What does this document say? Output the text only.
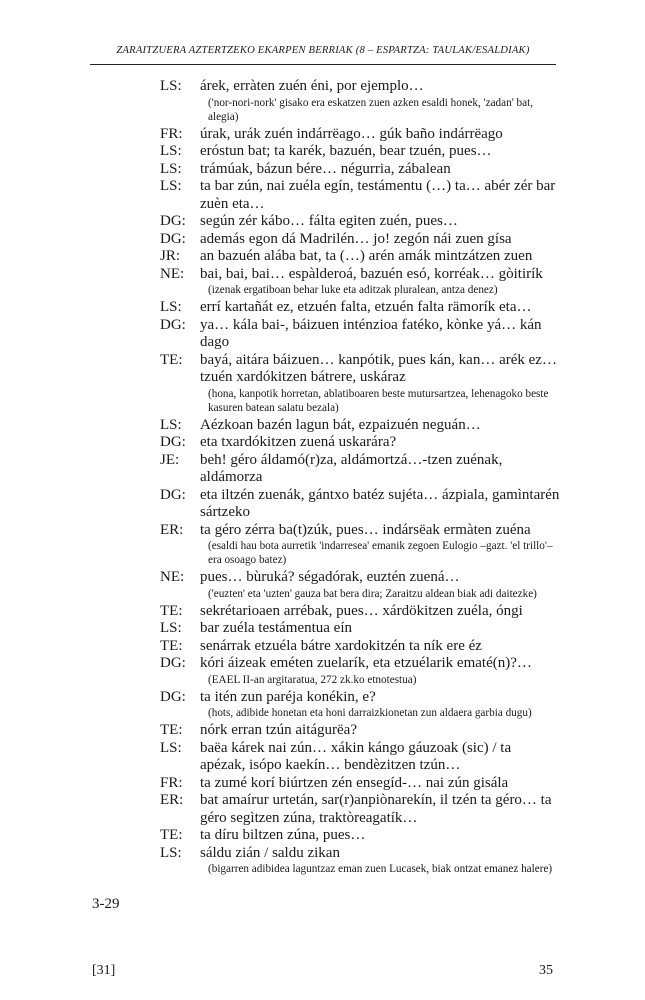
ZARAITZUERA AZTERTZEKO EKARPEN BERRIAK (8 – ESPARTZA: TAULAK/ESALDIAK)
LS:	árek, erràten zuén éni, por ejemplo…
('nor-nori-nork' gisako era eskatzen zuen azken esaldi honek, 'zadan' bat, alegia)
FR:	úrak, urák zuén indárrëago… gúk baño indárrëago
LS:	eróstun bat; ta karék, bazuén, bear tzuén, pues…
LS:	trámúak, bázun bére… négurria, zábalean
LS:	ta bar zún, nai zuéla egín, testámentu (…) ta… abér zér bar zuèn eta…
DG: según zér kábo… fálta egiten zuén, pues…
DG: además egon dá Madrilén… jo! zegón nái zuen gísa
JR:	an bazuén alába bat, ta (…) arén amák mintzátzen zuen
NE:	bai, bai, bai… espàlderoá, bazuén esó, korréak… gòitirík
(izenak ergatiboan behar luke eta aditzak pluralean, antza denez)
LS:	errí kartañát ez, etzuén falta, etzuén falta rämorík eta…
DG: ya… kála bai-, báizuen inténzioa fatéko, kònke yá… kán dago
TE:	bayá, aitára báizuen… kanpótik, pues kán, kan… arék ez… tzuén xardókitzen bátrere, uskáraz
(hona, kanpotik horretan, ablatiboaren beste mutursartzea, lehenagoko beste kasuren batean salatu bezala)
LS:	Aézkoan bazén lagun bát, ezpaizuén neguán…
DG: eta txardókitzen zuená uskarára?
JE:	beh! géro áldamó(r)za, aldámortzá…-tzen zuénak, aldámorza
DG: eta iltzén zuenák, gántxo batéz sujéta… ázpiala, gamìntarén sártzeko
ER:	ta géro zérra ba(t)zúk, pues… indársëak ermàten zuéna
(esaldi hau bota aurretik 'indarresea' emanik zegoen Eulogio –gazt. 'el trillo'– era osoago batez)
NE:	pues… bùruká? ségadórak, euztén zuená…
('euzten' eta 'uzten' gauza bat bera dira; Zaraitzu aldean biak adi daitezke)
TE:	sekrétarioaen arrébak, pues… xárdökitzen zuéla, óngi
LS:	bar zuéla testámentua eín
TE:	senárrak etzuéla bátre xardokitzén ta ník ere éz
DG: kóri áizeak eméten zuelarík, eta etzuélarik ematé(n)?…
(EAEL II-an argitaratua, 272 zk.ko etnotestua)
DG: ta itén zun paréja konékin, e?
(hots, adibide honetan eta honi darraizkionetan zun aldaera garbia dugu)
TE:	nórk erran tzún aitágurëa?
LS:	baëa kárek nai zún… xákin kángo gáuzoak (sic) / ta apézak, isópo kaekín… bendèzitzen tzún…
FR:	ta zumé korí biúrtzen zén ensegíd-… nai zún gisála
ER:	bat amaírur urtetán, sar(r)anpiònarekín, il tzén ta géro… ta géro segìtzen zúna, traktòreagatík…
TE:	ta díru biltzen zúna, pues…
LS:	sáldu zián / saldu zikan
(bigarren adibidea laguntzaz eman zuen Lucasek, biak ontzat emanez halere)
3-29
[31]	35
